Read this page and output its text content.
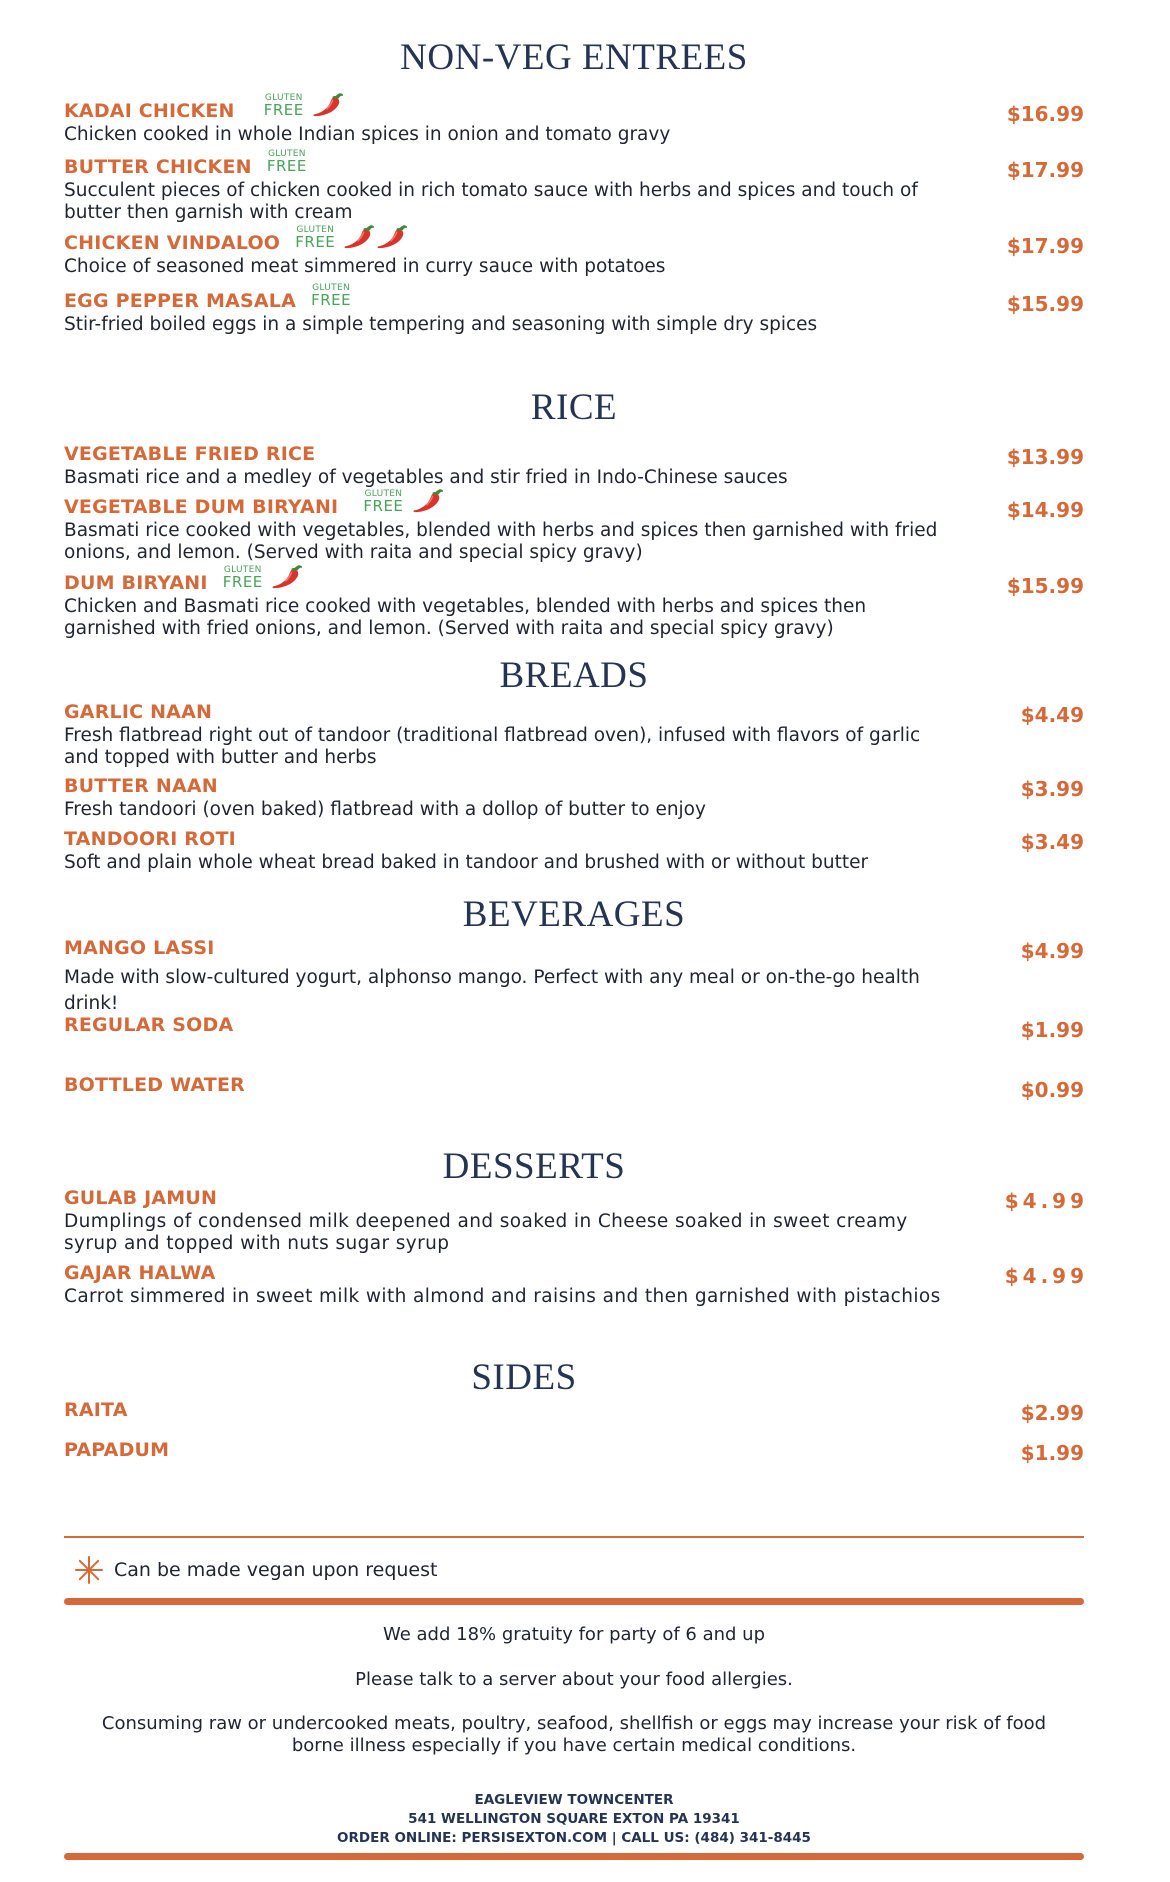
NON-VEG ENTREES
KADAI CHICKEN
GLUTEN
FREE
	$16.99
Chicken cooked in whole Indian spices in onion and tomato gravy
BUTTER CHICKEN
GLUTEN
FREE	$17.99
Succulent pieces of chicken cooked in rich tomato sauce with herbs and spices and touch of butter then garnish with cream
CHICKEN VINDALOO
GLUTEN
FREE
	$17.99
Choice of seasoned meat simmered in curry sauce with potatoes
EGG PEPPER MASALA
GLUTEN
FREE	$15.99
Stir-fried boiled eggs in a simple tempering and seasoning with simple dry spices
RICE
VEGETABLE FRIED RICE	$13.99
Basmati rice and a medley of vegetables and stir fried in Indo-Chinese sauces
VEGETABLE DUM BIRYANI
GLUTEN
FREE
	$14.99
Basmati rice cooked with vegetables, blended with herbs and spices then garnished with fried onions, and lemon. (Served with raita and special spicy gravy)
DUM BIRYANI
GLUTEN
FREE
	$15.99
Chicken and Basmati rice cooked with vegetables, blended with herbs and spices then garnished with fried onions, and lemon. (Served with raita and special spicy gravy)
BREADS
GARLIC NAAN	$4.49
Fresh flatbread right out of tandoor (traditional flatbread oven), infused with flavors of garlic and topped with butter and herbs
BUTTER NAAN	$3.99
Fresh tandoori (oven baked) flatbread with a dollop of butter to enjoy
TANDOORI ROTI	$3.49
Soft and plain whole wheat bread baked in tandoor and brushed with or without butter
BEVERAGES
MANGO LASSI	$4.99
Made with slow-cultured yogurt, alphonso mango. Perfect with any meal or on-the-go health drink!
REGULAR SODA	$1.99
BOTTLED WATER	$0.99
DESSERTS
GULAB JAMUN	$4.99
Dumplings of condensed milk deepened and soaked in Cheese soaked in sweet creamy syrup and topped with nuts sugar syrup
GAJAR HALWA	$4.99
Carrot simmered in sweet milk with almond and raisins and then garnished with pistachios
SIDES
RAITA	$2.99
PAPADUM	$1.99
Can be made vegan upon request
We add 18% gratuity for party of 6 and up
Please talk to a server about your food allergies.
Consuming raw or undercooked meats, poultry, seafood, shellfish or eggs may increase your risk of food borne illness especially if you have certain medical conditions.
EAGLEVIEW TOWNCENTER
541 WELLINGTON SQUARE EXTON PA 19341
ORDER ONLINE: PERSISEXTON.COM | CALL US: (484) 341-8445
